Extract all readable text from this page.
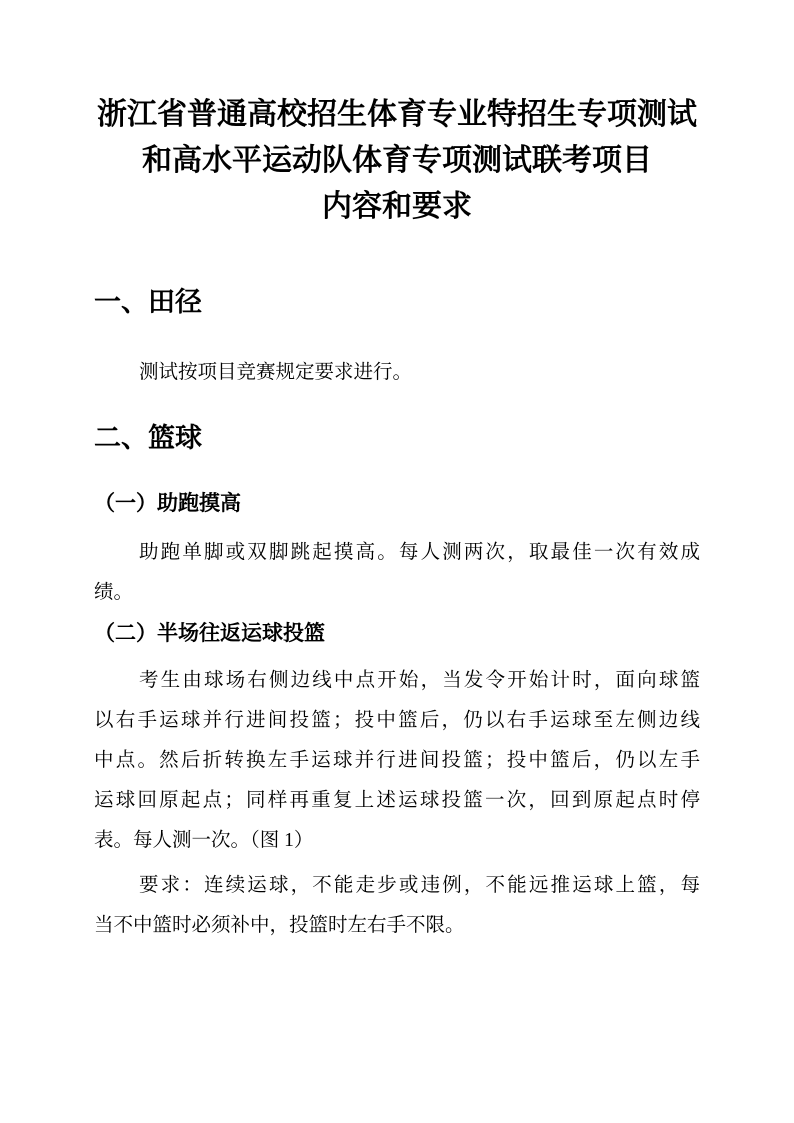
浙江省普通高校招生体育专业特招生专项测试
和高水平运动队体育专项测试联考项目
内容和要求
一、田径
测试按项目竞赛规定要求进行。
二、篮球
（一）助跑摸高
助跑单脚或双脚跳起摸高。每人测两次，取最佳一次有效成
绩。
（二）半场往返运球投篮
考生由球场右侧边线中点开始，当发令开始计时，面向球篮
以右手运球并行进间投篮；投中篮后，仍以右手运球至左侧边线
中点。然后折转换左手运球并行进间投篮；投中篮后，仍以左手
运球回原起点；同样再重复上述运球投篮一次，回到原起点时停
表。每人测一次。（图 1）
要求：连续运球，不能走步或违例，不能远推运球上篮，每
当不中篮时必须补中，投篮时左右手不限。
